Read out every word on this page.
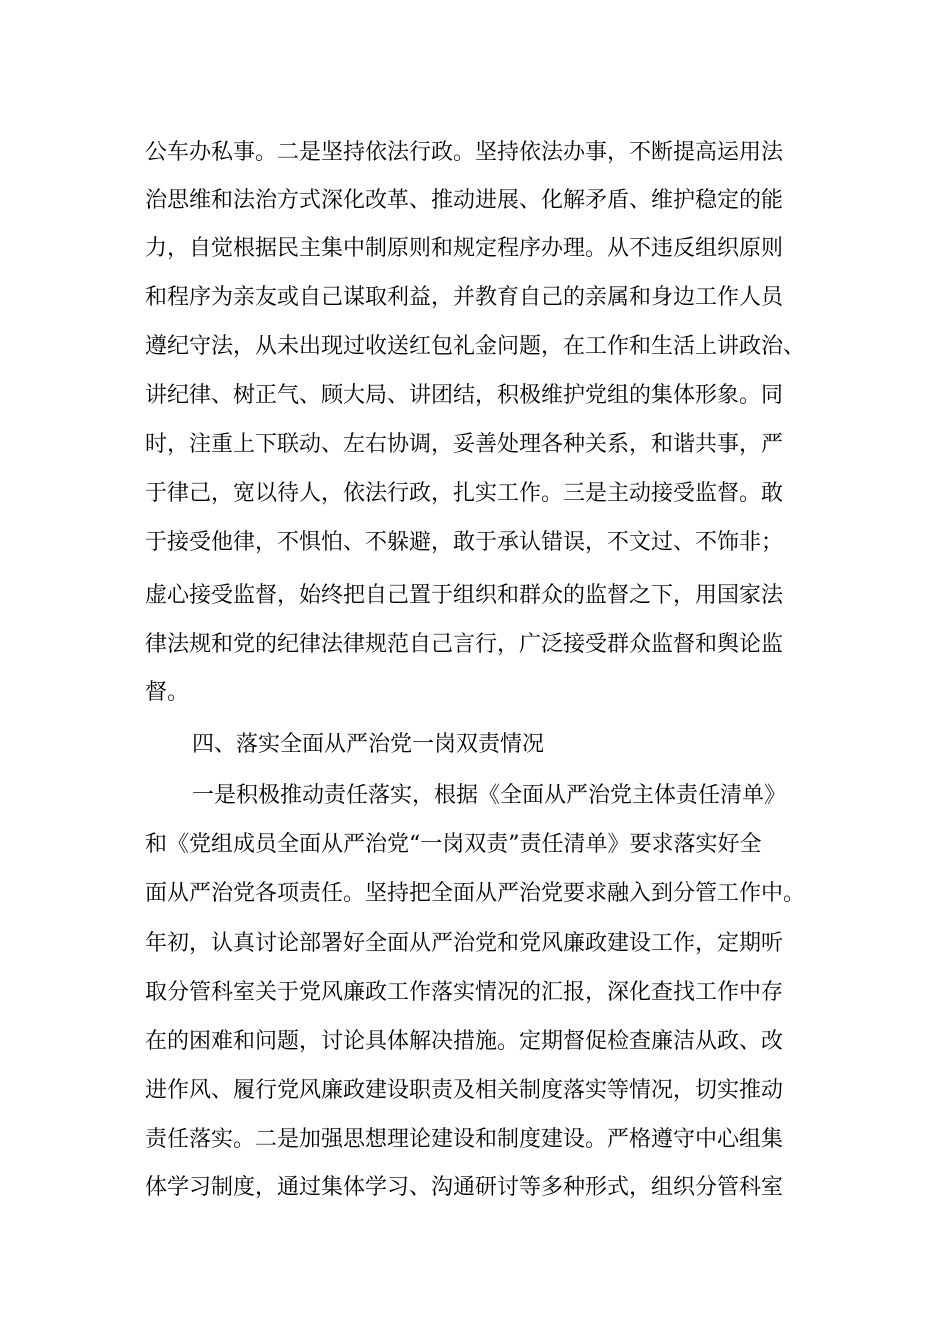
公车办私事。二是坚持依法行政。坚持依法办事，不断提高运用法
治思维和法治方式深化改革、推动进展、化解矛盾、维护稳定的能
力，自觉根据民主集中制原则和规定程序办理。从不违反组织原则
和程序为亲友或自己谋取利益，并教育自己的亲属和身边工作人员
遵纪守法，从未出现过收送红包礼金问题，在工作和生活上讲政治、
讲纪律、树正气、顾大局、讲团结，积极维护党组的集体形象。同
时，注重上下联动、左右协调，妥善处理各种关系，和谐共事，严
于律己，宽以待人，依法行政，扎实工作。三是主动接受监督。敢
于接受他律，不惧怕、不躲避，敢于承认错误，不文过、不饰非；
虚心接受监督，始终把自己置于组织和群众的监督之下，用国家法
律法规和党的纪律法律规范自己言行，广泛接受群众监督和舆论监
督。
四、落实全面从严治党一岗双责情况
一是积极推动责任落实，根据《全面从严治党主体责任清单》
和《党组成员全面从严治党“一岗双责”责任清单》要求落实好全
面从严治党各项责任。坚持把全面从严治党要求融入到分管工作中。
年初，认真讨论部署好全面从严治党和党风廉政建设工作，定期听
取分管科室关于党风廉政工作落实情况的汇报，深化查找工作中存
在的困难和问题，讨论具体解决措施。定期督促检查廉洁从政、改
进作风、履行党风廉政建设职责及相关制度落实等情况，切实推动
责任落实。二是加强思想理论建设和制度建设。严格遵守中心组集
体学习制度，通过集体学习、沟通研讨等多种形式，组织分管科室
